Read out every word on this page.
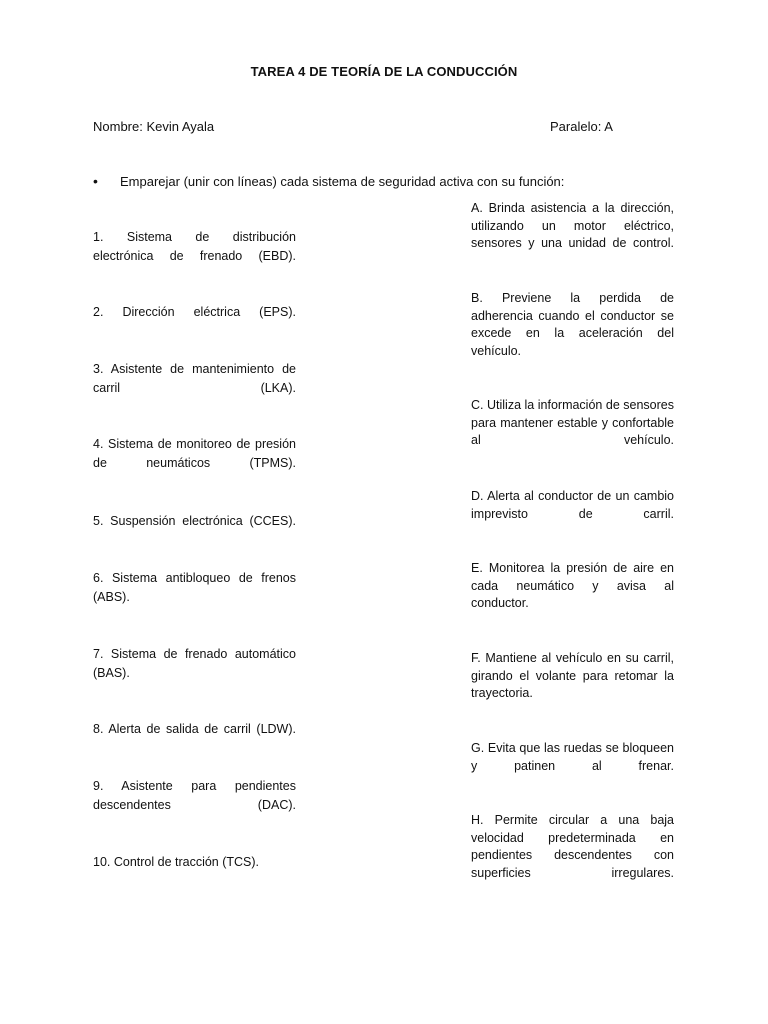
TAREA 4 DE TEORÍA DE LA CONDUCCIÓN
Nombre: Kevin Ayala	Paralelo: A
• Emparejar (unir con líneas) cada sistema de seguridad activa con su función:
1. Sistema de distribución electrónica de frenado (EBD).
2. Dirección eléctrica (EPS).
3. Asistente de mantenimiento de carril (LKA).
4. Sistema de monitoreo de presión de neumáticos (TPMS).
5. Suspensión electrónica (CCES).
6. Sistema antibloqueo de frenos (ABS).
7. Sistema de frenado automático (BAS).
8. Alerta de salida de carril (LDW).
9. Asistente para pendientes descendentes (DAC).
10. Control de tracción (TCS).
A. Brinda asistencia a la dirección, utilizando un motor eléctrico, sensores y una unidad de control.
B. Previene la perdida de adherencia cuando el conductor se excede en la aceleración del vehículo.
C. Utiliza la información de sensores para mantener estable y confortable al vehículo.
D. Alerta al conductor de un cambio imprevisto de carril.
E. Monitorea la presión de aire en cada neumático y avisa al conductor.
F. Mantiene al vehículo en su carril, girando el volante para retomar la trayectoria.
G. Evita que las ruedas se bloqueen y patinen al frenar.
H. Permite circular a una baja velocidad predeterminada en pendientes descendentes con superficies irregulares.
